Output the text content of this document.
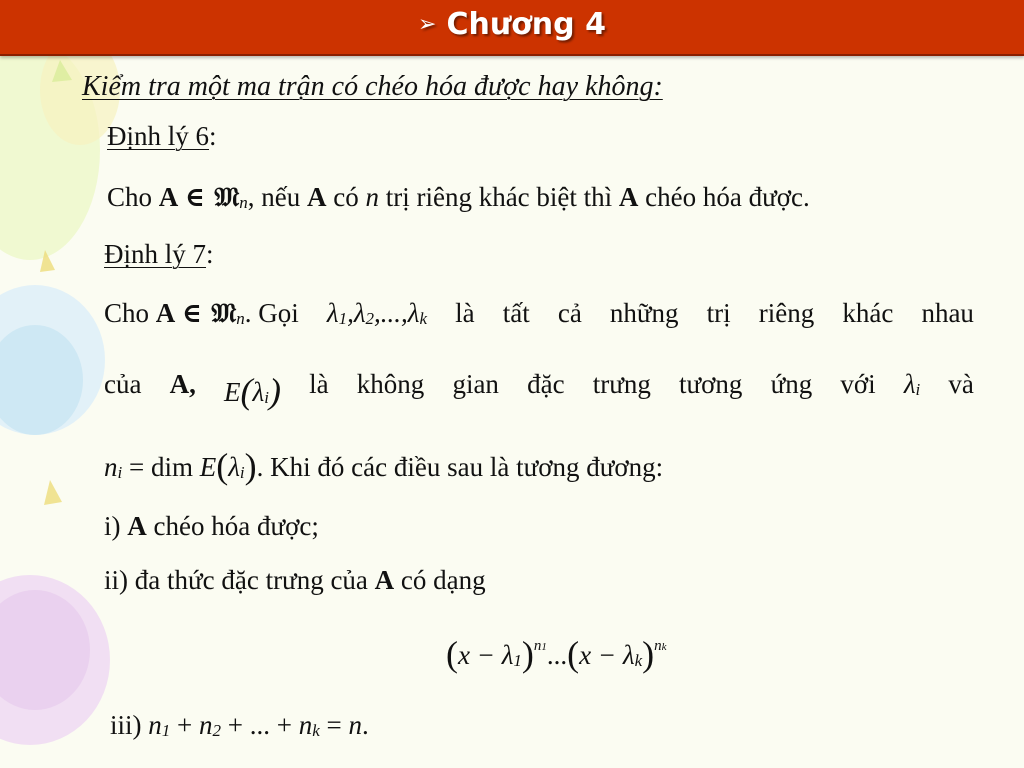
➢ Chương 4
Kiểm tra một ma trận có chéo hóa được hay không:
Định lý 6:
Cho A ∈ 𝔐$_n$, nếu A có n trị riêng khác biệt thì A chéo hóa được.
Định lý 7:
Cho A ∈ 𝔐$_n$. Gọi $\lambda_1,\lambda_2,...,\lambda_k$ là tất cả những trị riêng khác nhau
của A, $E(\lambda_i)$ là không gian đặc trưng tương ứng với $\lambda_i$ và
$n_i$ = dim $E(\lambda_i)$. Khi đó các điều sau là tương đương:
i) A chéo hóa được;
ii) đa thức đặc trưng của A có dạng
$(x - \lambda_1)^{n1}...(x - \lambda_k)^{nk}$
iii) $n_1 + n_2$ + ... + $n_k = n$.
